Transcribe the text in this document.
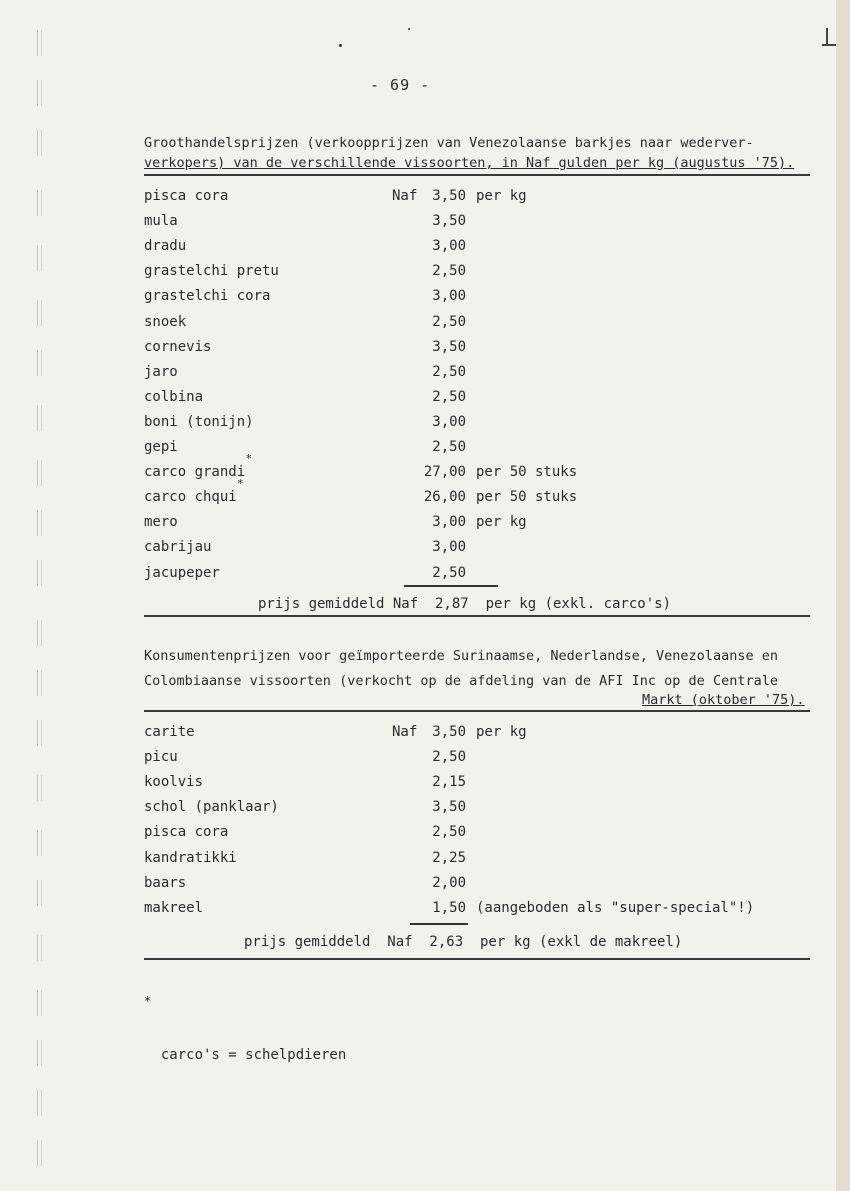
- 69 -
Groothandelsprijzen (verkoopprijzen van Venezolaanse barkjes naar wederver-
verkopers) van de verschillende vissoorten, in Naf gulden per kg (augustus '75).
pisca cora	Naf	3,50 per kg
mula	3,50
dradu	3,00
grastelchi pretu	2,50
grastelchi cora	3,00
snoek	2,50
cornevis	3,50
jaro	2,50
colbina	2,50
boni (tonijn)	3,00
gepi	2,50
carco grandi	27,00 per 50 stuks
carco chqui	26,00 per 50 stuks
mero	3,00 per kg
cabrijau	3,00
jacupeper	2,50
prijs gemiddeld Naf  2,87  per kg (exkl. carco's)
Konsumentenprijzen voor geïmporteerde Surinaamse, Nederlandse, Venezolaanse en
Colombiaanse vissoorten (verkocht op de afdeling van de AFI Inc op de Centrale
Markt (oktober '75).
carite	Naf	3,50 per kg
picu	2,50
koolvis	2,15
schol (panklaar)	3,50
pisca cora	2,50
kandratikki	2,25
baars	2,00
makreel	1,50 (aangeboden als "super-special"!)
prijs gemiddeld  Naf  2,63  per kg (exkl de makreel)

*

carco's = schelpdieren
